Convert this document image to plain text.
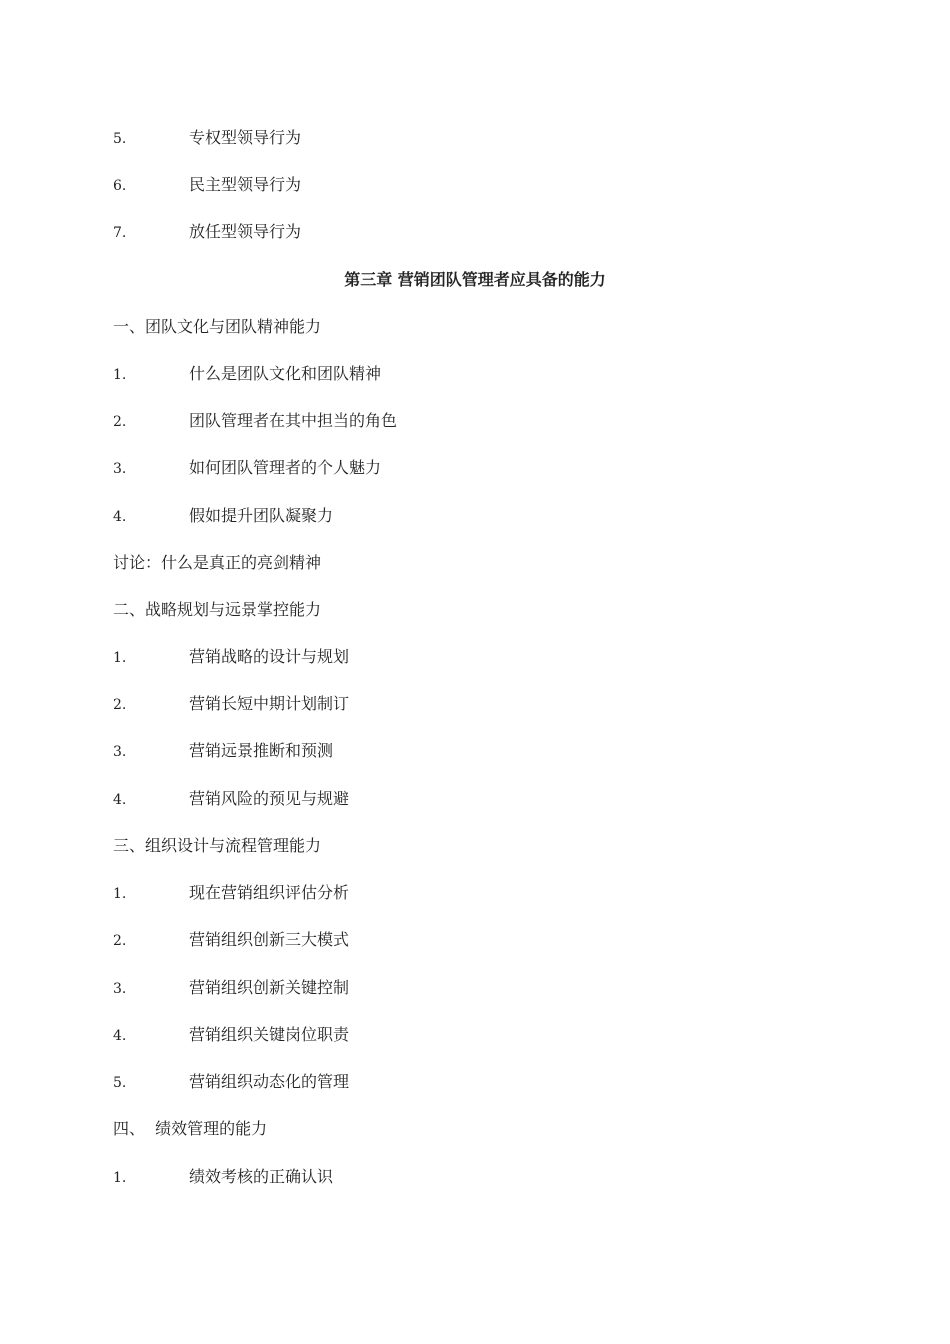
5.	专权型领导行为
6.	民主型领导行为
7.	放任型领导行为
第三章 营销团队管理者应具备的能力
一、团队文化与团队精神能力
1.	什么是团队文化和团队精神
2.	团队管理者在其中担当的角色
3.	如何团队管理者的个人魅力
4.	假如提升团队凝聚力
讨论：什么是真正的亮剑精神
二、战略规划与远景掌控能力
1.	营销战略的设计与规划
2.	营销长短中期计划制订
3.	营销远景推断和预测
4.	营销风险的预见与规避
三、组织设计与流程管理能力
1.	现在营销组织评估分析
2.	营销组织创新三大模式
3.	营销组织创新关键控制
4.	营销组织关键岗位职责
5.	营销组织动态化的管理
四、  绩效管理的能力
1.	绩效考核的正确认识
